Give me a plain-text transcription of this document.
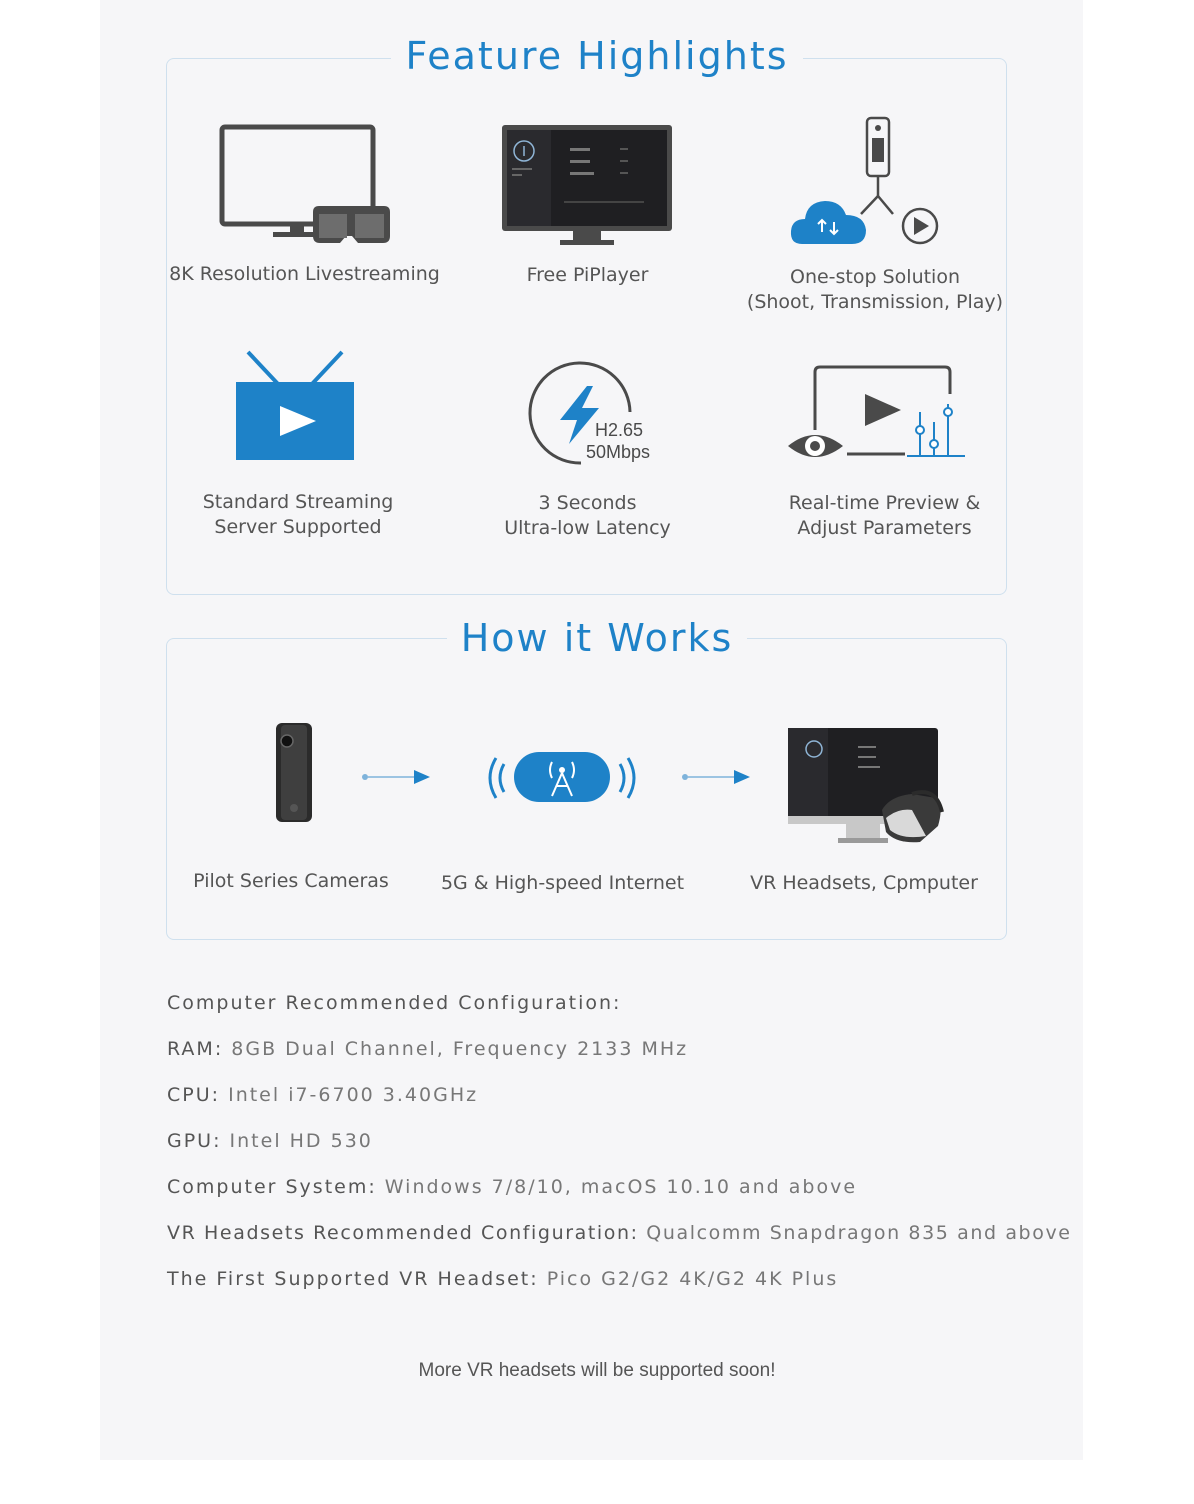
Feature Highlights
8K Resolution Livestreaming	Free PiPlayer	One-stop Solution
(Shoot, Transmission, Play)
Standard Streaming
Server Supported
H2.65
50Mbps
3 Seconds
Ultra-low Latency
Real-time Preview &
Adjust Parameters
How it Works
Pilot Series Cameras	5G & High-speed Internet	VR Headsets, Cpmputer
Computer Recommended Configuration:
RAM: 8GB Dual Channel, Frequency 2133 MHz
CPU: Intel i7-6700 3.40GHz
GPU: Intel HD 530
Computer System: Windows 7/8/10, macOS 10.10 and above
VR Headsets Recommended Configuration: Qualcomm Snapdragon 835 and above
The First Supported VR Headset: Pico G2/G2 4K/G2 4K Plus
More VR headsets will be supported soon!
